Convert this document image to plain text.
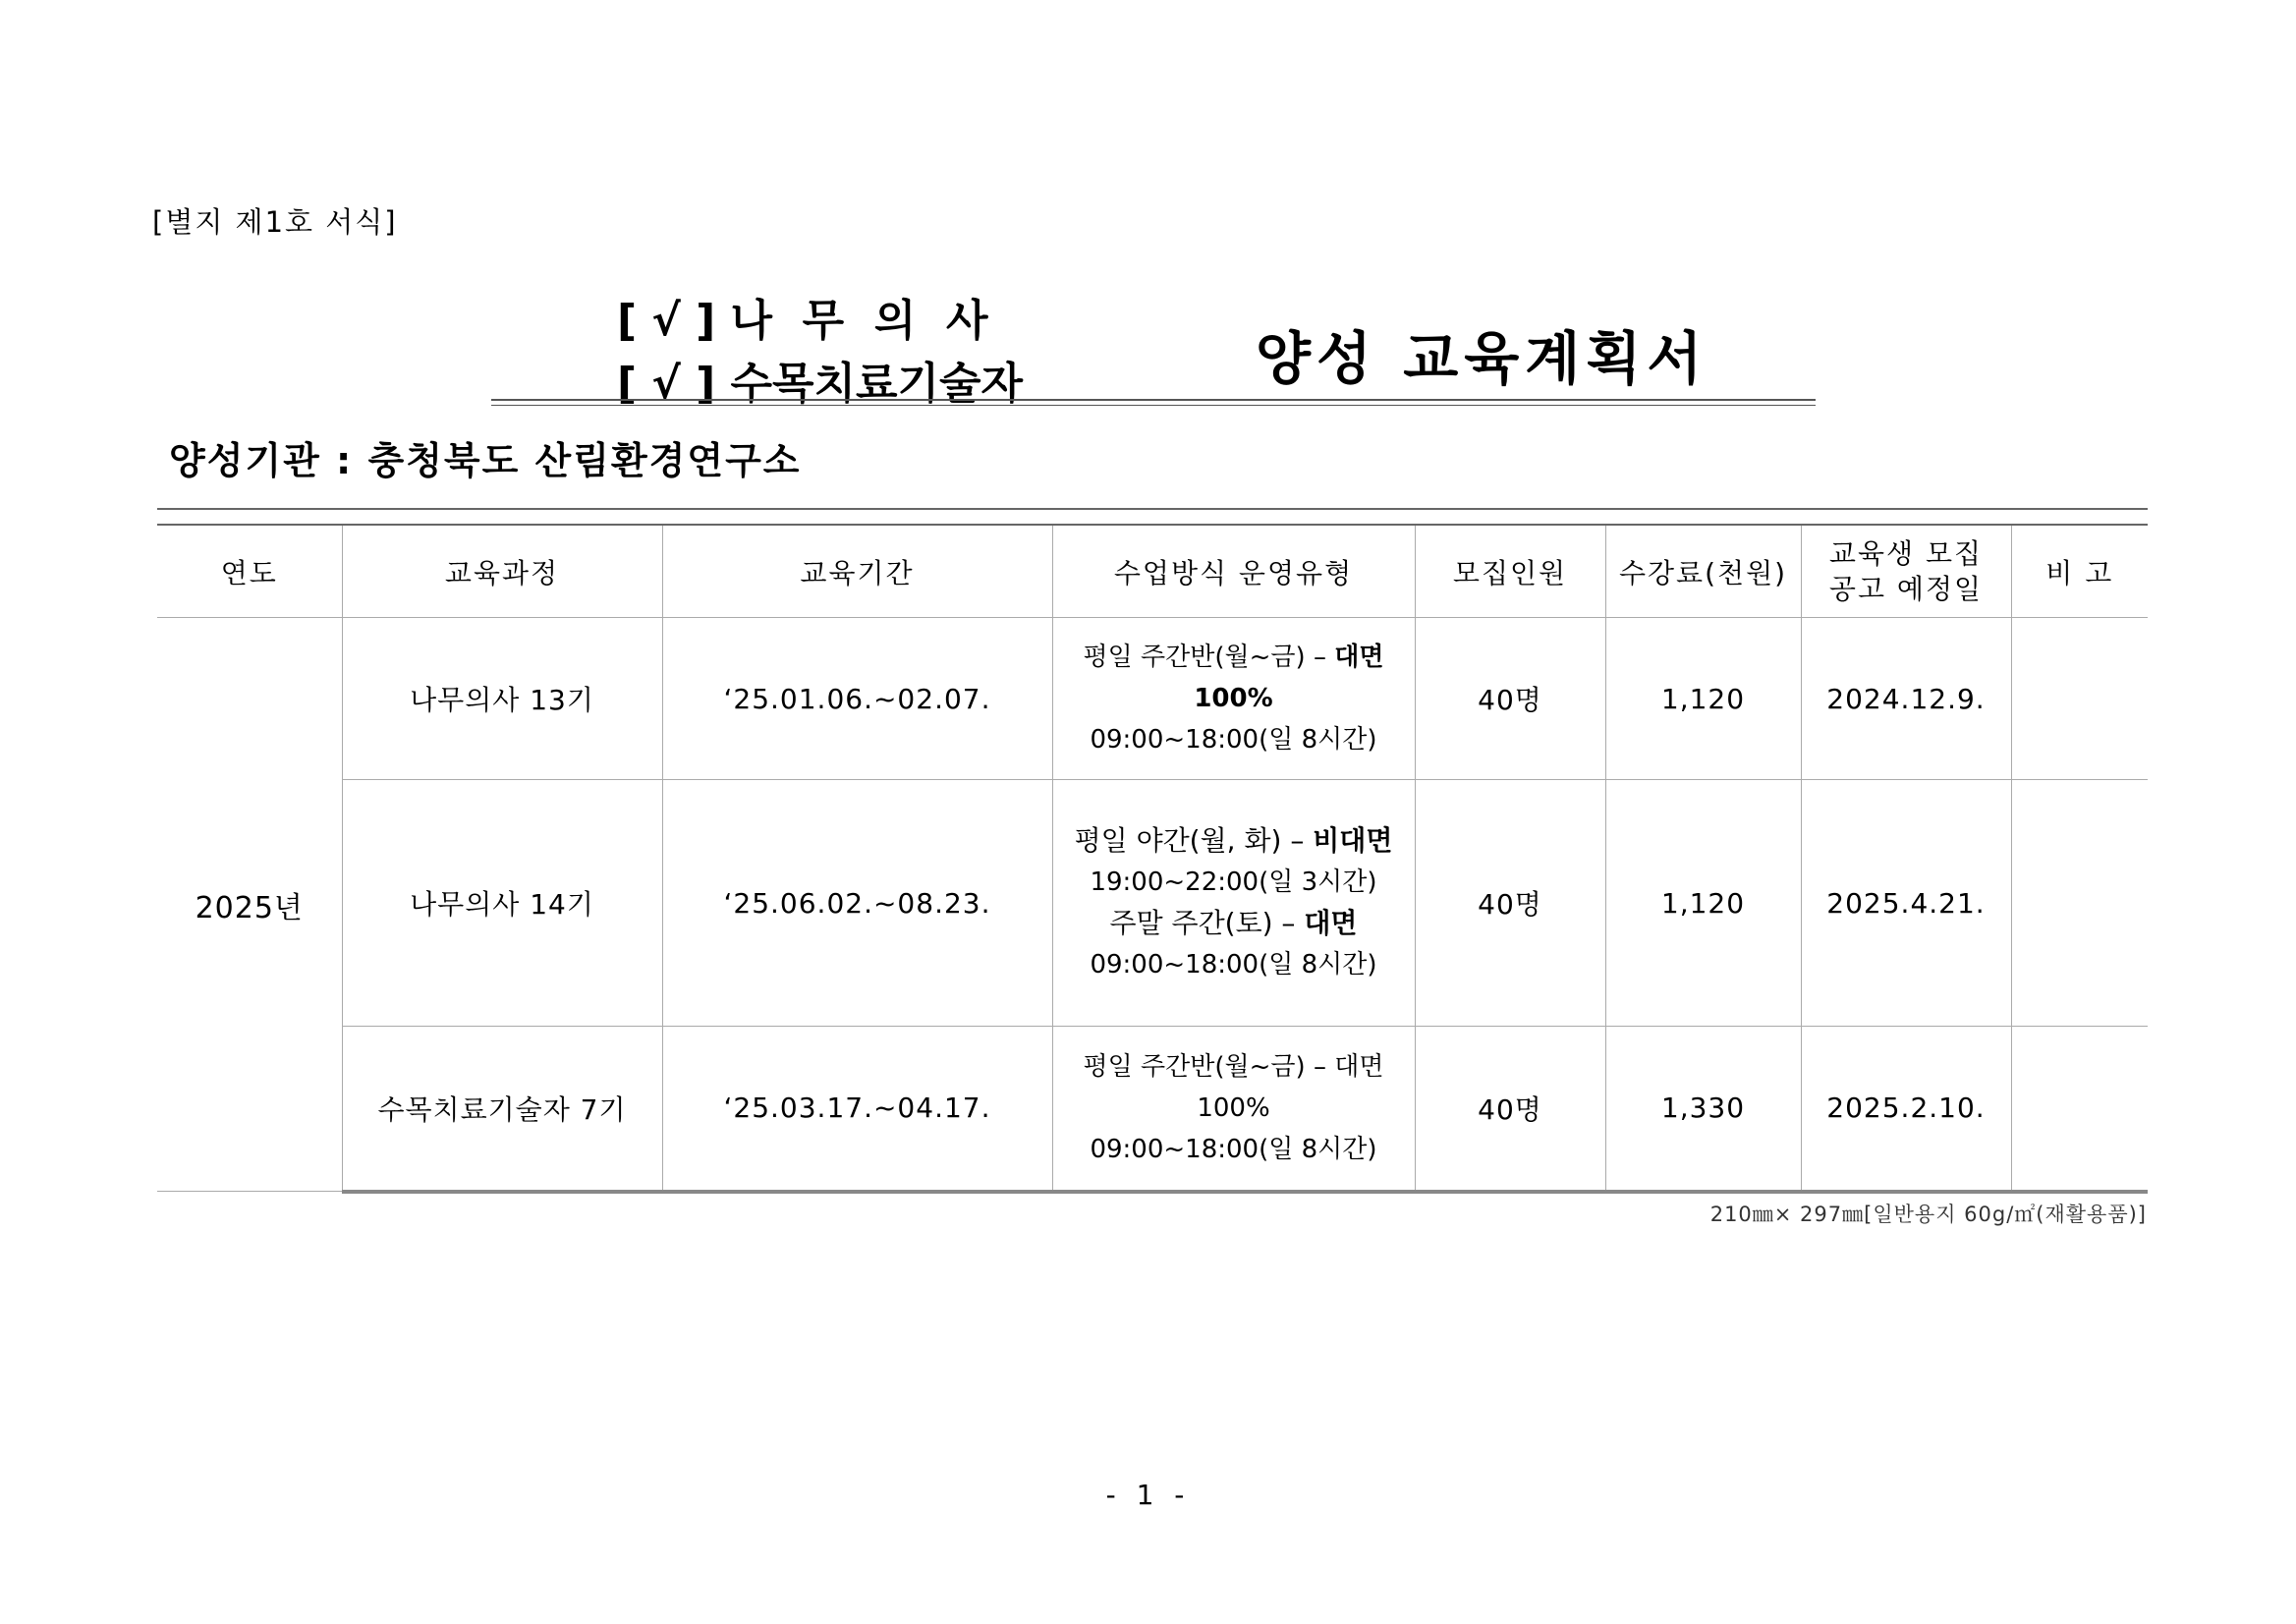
[별지 제1호 서식]
[ √ ] 나  무  의  사
[ √ ] 수목치료기술자	양성 교육계획서
양성기관 : 충청북도 산림환경연구소
연도	교육과정	교육기간	수업방식 운영유형	모집인원	수강료(천원)	교육생 모집
공고 예정일	비 고
2025년	나무의사 13기	‘25.01.06.~02.07.	평일 주간반(월~금) – 대면 100%
09:00~18:00(일 8시간)	40명	1,120	2024.12.9.	
	나무의사 14기	‘25.06.02.~08.23.	평일 야간(월, 화) – 비대면
19:00~22:00(일 3시간)
주말 주간(토) – 대면
09:00~18:00(일 8시간)	40명	1,120	2025.4.21.	
	수목치료기술자 7기	‘25.03.17.~04.17.	평일 주간반(월~금) – 대면 100%
09:00~18:00(일 8시간)	40명	1,330	2025.2.10.	
210㎜× 297㎜[일반용지 60g/㎡(재활용품)]
- 1 -
